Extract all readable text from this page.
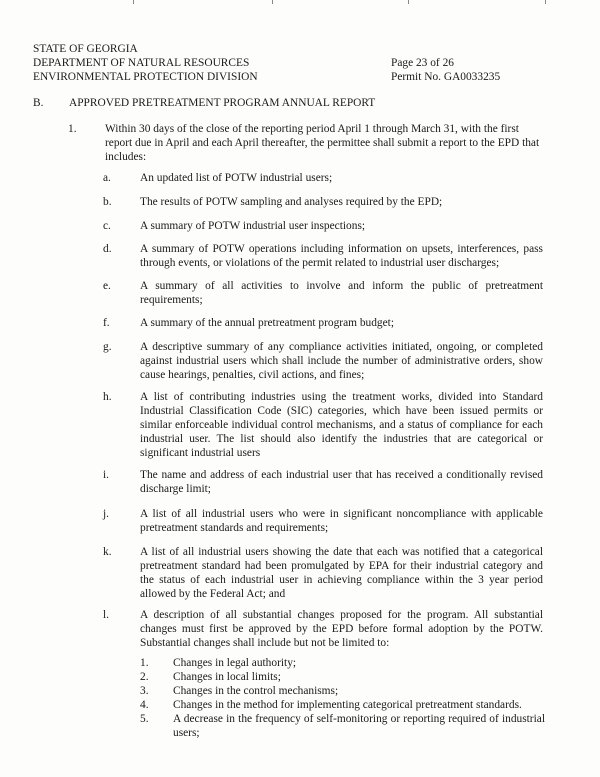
STATE OF GEORGIA
DEPARTMENT OF NATURAL RESOURCES
ENVIRONMENTAL PROTECTION DIVISION
Page 23 of 26
Permit No. GA0033235
B. APPROVED PRETREATMENT PROGRAM ANNUAL REPORT
1. Within 30 days of the close of the reporting period April 1 through March 31, with the first report due in April and each April thereafter, the permittee shall submit a report to the EPD that includes:
a.	An updated list of POTW industrial users;
b.	The results of POTW sampling and analyses required by the EPD;
c.	A summary of POTW industrial user inspections;
d.	A summary of POTW operations including information on upsets, interferences, pass through events, or violations of the permit related to industrial user discharges;
e.	A summary of all activities to involve and inform the public of pretreatment requirements;
f.	A summary of the annual pretreatment program budget;
g.	A descriptive summary of any compliance activities initiated, ongoing, or completed against industrial users which shall include the number of administrative orders, show cause hearings, penalties, civil actions, and fines;
h.	A list of contributing industries using the treatment works, divided into Standard Industrial Classification Code (SIC) categories, which have been issued permits or similar enforceable individual control mechanisms, and a status of compliance for each industrial user. The list should also identify the industries that are categorical or significant industrial users
i.	The name and address of each industrial user that has received a conditionally revised discharge limit;
j.	A list of all industrial users who were in significant noncompliance with applicable pretreatment standards and requirements;
k.	A list of all industrial users showing the date that each was notified that a categorical pretreatment standard had been promulgated by EPA for their industrial category and the status of each industrial user in achieving compliance within the 3 year period allowed by the Federal Act; and
l.	A description of all substantial changes proposed for the program. All substantial changes must first be approved by the EPD before formal adoption by the POTW. Substantial changes shall include but not be limited to:
1. Changes in legal authority;
2. Changes in local limits;
3. Changes in the control mechanisms;
4. Changes in the method for implementing categorical pretreatment standards.
5. A decrease in the frequency of self-monitoring or reporting required of industrial users;
